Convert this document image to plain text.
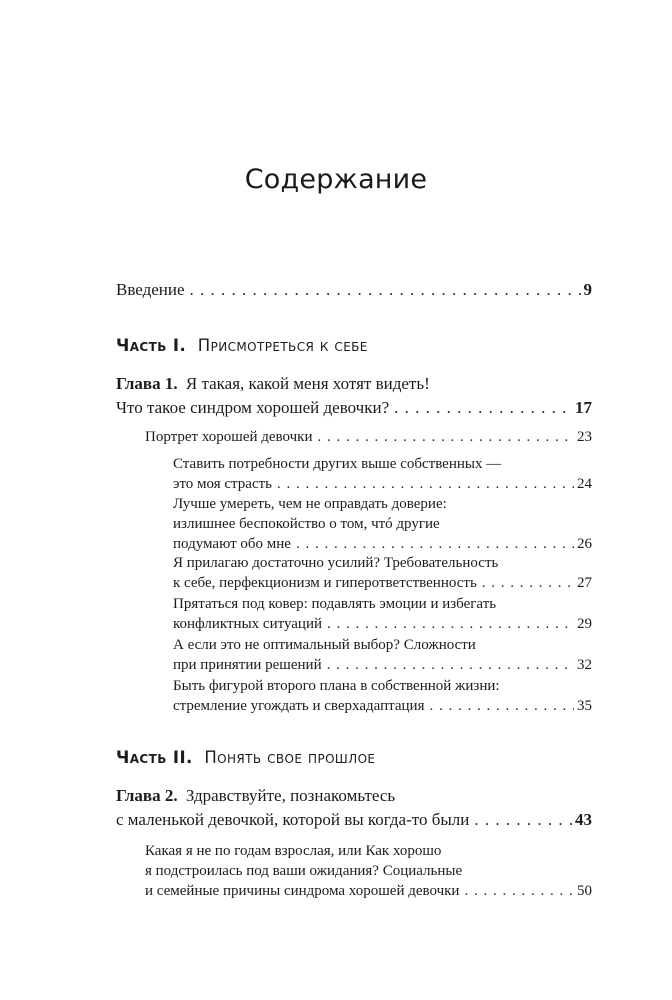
Содержание
Введение . . .	9
Часть I. Присмотреться к себе
Глава 1. Я такая, какой меня хотят видеть!
Что такое синдром хорошей девочки? . . .	17
Портрет хорошей девочки . . .	23
Ставить потребности других выше собственных —
это моя страсть . . .	24
Лучше умереть, чем не оправдать доверие:
излишнее беспокойство о том, чтó другие
подумают обо мне . . .	26
Я прилагаю достаточно усилий? Требовательность
к себе, перфекционизм и гиперответственность . . .	27
Прятаться под ковер: подавлять эмоции и избегать
конфликтных ситуаций . . .	29
А если это не оптимальный выбор? Сложности
при принятии решений . . .	32
Быть фигурой второго плана в собственной жизни:
стремление угождать и сверхадаптация . . .	35
Часть II. Понять свое прошлое
Глава 2. Здравствуйте, познакомьтесь
с маленькой девочкой, которой вы когда-то были . . .	43
Какая я не по годам взрослая, или Как хорошо
я подстроилась под ваши ожидания? Социальные
и семейные причины синдрома хорошей девочки . . .	50
